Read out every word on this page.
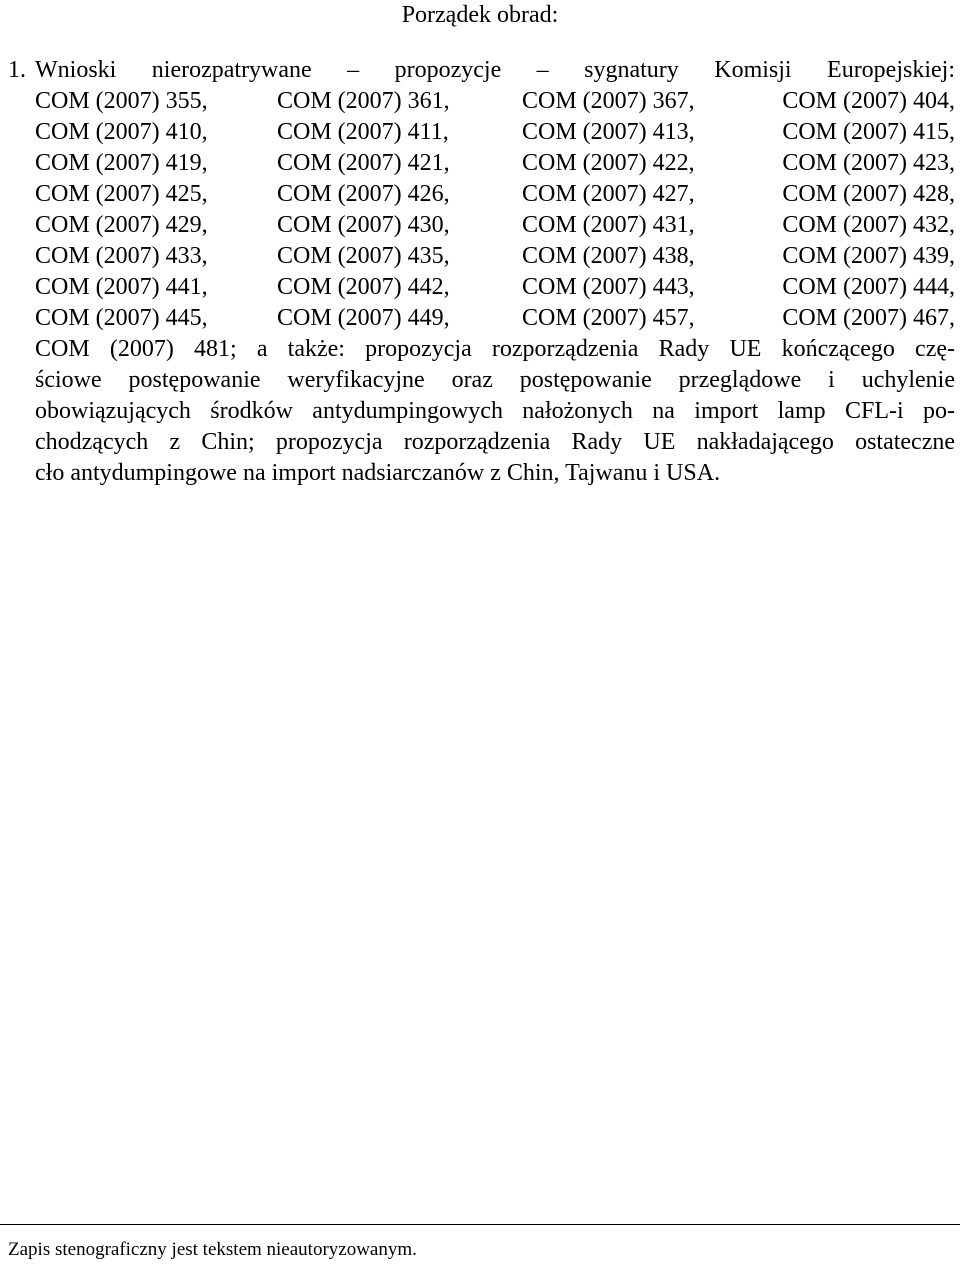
Porządek obrad:
1. Wnioski nierozpatrywane – propozycje – sygnatury Komisji Europejskiej:
COM (2007) 355,	COM (2007) 361,	COM (2007) 367,	COM (2007) 404,
COM (2007) 410,	COM (2007) 411,	COM (2007) 413,	COM (2007) 415,
COM (2007) 419,	COM (2007) 421,	COM (2007) 422,	COM (2007) 423,
COM (2007) 425,	COM (2007) 426,	COM (2007) 427,	COM (2007) 428,
COM (2007) 429,	COM (2007) 430,	COM (2007) 431,	COM (2007) 432,
COM (2007) 433,	COM (2007) 435,	COM (2007) 438,	COM (2007) 439,
COM (2007) 441,	COM (2007) 442,	COM (2007) 443,	COM (2007) 444,
COM (2007) 445,	COM (2007) 449,	COM (2007) 457,	COM (2007) 467,
COM (2007) 481; a także: propozycja rozporządzenia Rady UE kończącego czę-
ściowe postępowanie weryfikacyjne oraz postępowanie przeglądowe i uchylenie
obowiązujących środków antydumpingowych nałożonych na import lamp CFL-i po-
chodzących z Chin; propozycja rozporządzenia Rady UE nakładającego ostateczne
cło antydumpingowe na import nadsiarczanów z Chin, Tajwanu i USA.
Zapis stenograficzny jest tekstem nieautoryzowanym.
